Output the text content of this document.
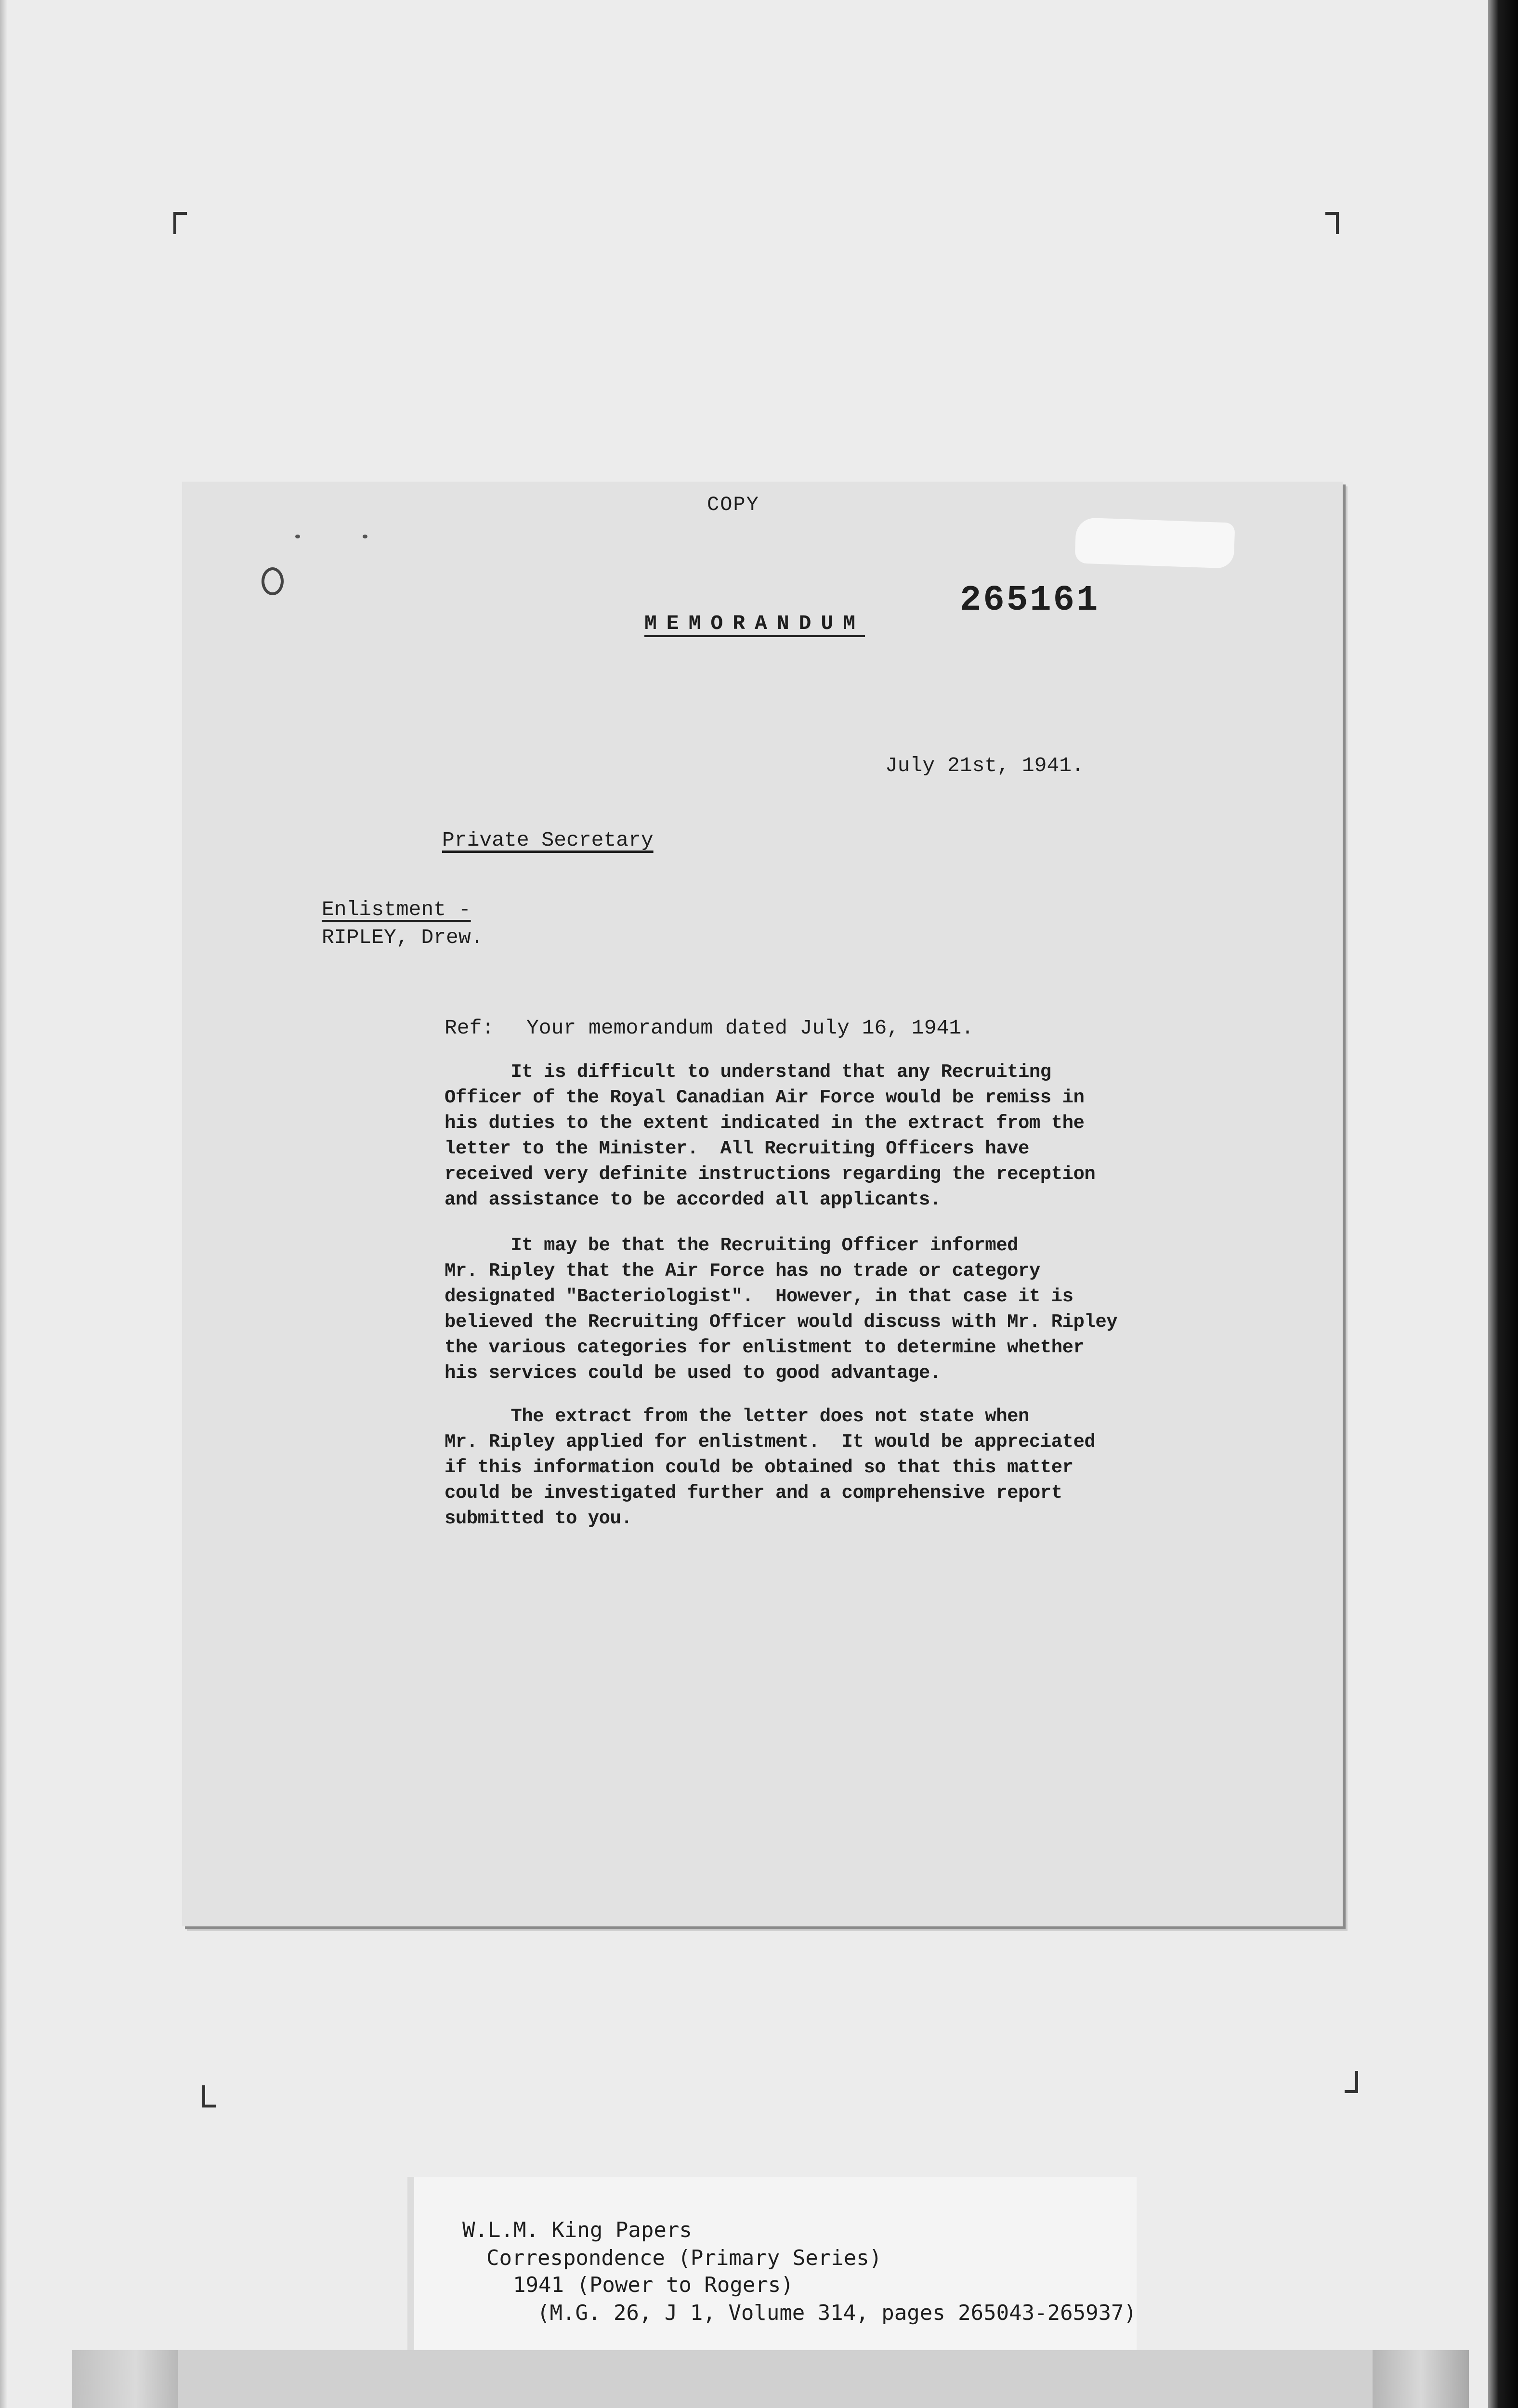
COPY
265161
MEMORANDUM
July 21st, 1941.
Private Secretary
Enlistment -
RIPLEY, Drew.
Ref: Your memorandum dated July 16, 1941.
It is difficult to understand that any Recruiting
Officer of the Royal Canadian Air Force would be remiss in
his duties to the extent indicated in the extract from the
letter to the Minister.  All Recruiting Officers have
received very definite instructions regarding the reception
and assistance to be accorded all applicants.
It may be that the Recruiting Officer informed
Mr. Ripley that the Air Force has no trade or category
designated "Bacteriologist".  However, in that case it is
believed the Recruiting Officer would discuss with Mr. Ripley
the various categories for enlistment to determine whether
his services could be used to good advantage.
The extract from the letter does not state when
Mr. Ripley applied for enlistment.  It would be appreciated
if this information could be obtained so that this matter
could be investigated further and a comprehensive report
submitted to you.
W.L.M. King Papers
Correspondence (Primary Series)
1941 (Power to Rogers)
(M.G. 26, J 1, Volume 314, pages 265043-265937)
